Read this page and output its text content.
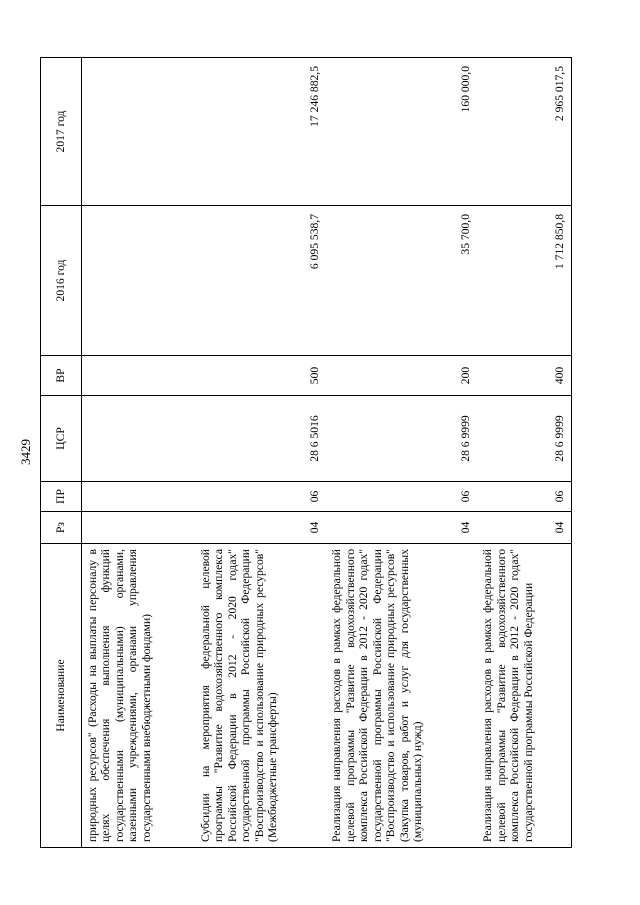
3429
Наименование	Рз	ПР	ЦСР	ВР	2016 год	2017 год
природных ресурсов" (Расходы на выплаты персоналу в целях обеспечения выполнения функций государственными (муниципальными) органами, казенными учреждениями, органами управления государственными внебюджетными фондами)						
Субсидии на мероприятия федеральной целевой программы "Развитие водохозяйственного комплекса Российской Федерации в 2012 - 2020 годах" государственной программы Российской Федерации "Воспроизводство и использование природных ресурсов" (Межбюджетные трансферты)	04	06	28 6 5016	500	6 095 538,7	17 246 882,5
Реализация направления расходов в рамках федеральной целевой программы "Развитие водохозяйственного комплекса Российской Федерации в 2012 - 2020 годах" государственной программы Российской Федерации "Воспроизводство и использование природных ресурсов" (Закупка товаров, работ и услуг для государственных (муниципальных) нужд)	04	06	28 6 9999	200	35 700,0	160 000,0
Реализация направления расходов в рамках федеральной целевой программы "Развитие водохозяйственного комплекса Российской Федерации в 2012 - 2020 годах" государственной программы Российской Федерации	04	06	28 6 9999	400	1 712 850,8	2 965 017,5
